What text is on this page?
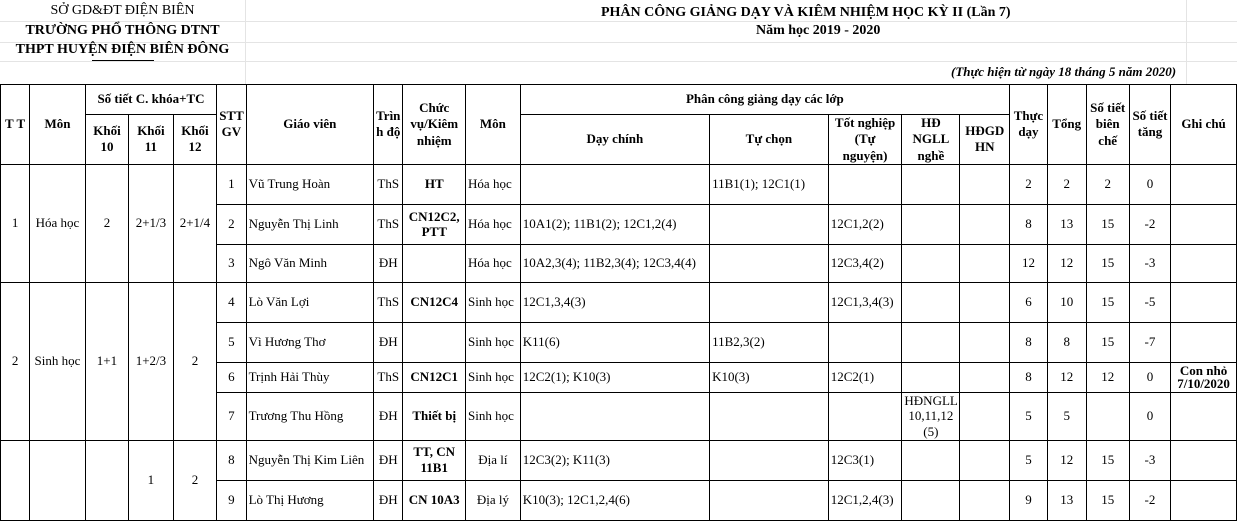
SỞ GD&ĐT ĐIỆN BIÊN
TRƯỜNG PHỔ THÔNG DTNT
THPT HUYỆN ĐIỆN BIÊN ĐÔNG
PHÂN CÔNG GIẢNG DẠY VÀ KIÊM NHIỆM HỌC KỲ II (Lần 7)
Năm học 2019 - 2020
(Thực hiện từ ngày 18 tháng 5 năm 2020)
T T	Môn	Số tiết C. khóa+TC			STT GV	Giáo viên	Trìn h độ	Chức vụ/Kiêm nhiệm	Môn	Phân công giảng dạy các lớp					Thực dạy	Tổng	Số tiết biên chế	Số tiết tăng	Ghi chú
		Khối 10	Khối 11	Khối 12						Dạy chính	Tự chọn	Tốt nghiệp (Tự nguyện)	HĐ NGLL nghề	HĐGD HN					

1	Hóa học	2	2+1/3	2+1/4	1	Vũ Trung Hoàn	ThS	HT	Hóa học		11B1(1); 12C1(1)				2	2	2	0	
					2	Nguyễn Thị Linh	ThS	CN12C2, PTT	Hóa học	10A1(2); 11B1(2); 12C1,2(4)		12C1,2(2)			8	13	15	-2	
					3	Ngô Văn Minh	ĐH		Hóa học	10A2,3(4); 11B2,3(4); 12C3,4(4)		12C3,4(2)			12	12	15	-3	
2	Sinh học	1+1	1+2/3	2	4	Lò Văn Lợi	ThS	CN12C4	Sinh học	12C1,3,4(3)		12C1,3,4(3)			6	10	15	-5	
					5	Vì Hương Thơ	ĐH		Sinh học	K11(6)	11B2,3(2)				8	8	15	-7	
					6	Trịnh Hải Thùy	ThS	CN12C1	Sinh học	12C2(1); K10(3)	K10(3)	12C2(1)			8	12	12	0	Con nhỏ 7/10/2020
					7	Trương Thu Hồng	ĐH	Thiết bị	Sinh học				HĐNGLL 10,11,12 (5)		5	5		0	
			1	2	8	Nguyễn Thị Kim Liên	ĐH	TT, CN 11B1	Địa lí	12C3(2); K11(3)		12C3(1)			5	12	15	-3	
					9	Lò Thị Hương	ĐH	CN 10A3	Địa lý	K10(3); 12C1,2,4(6)		12C1,2,4(3)			9	13	15	-2	
